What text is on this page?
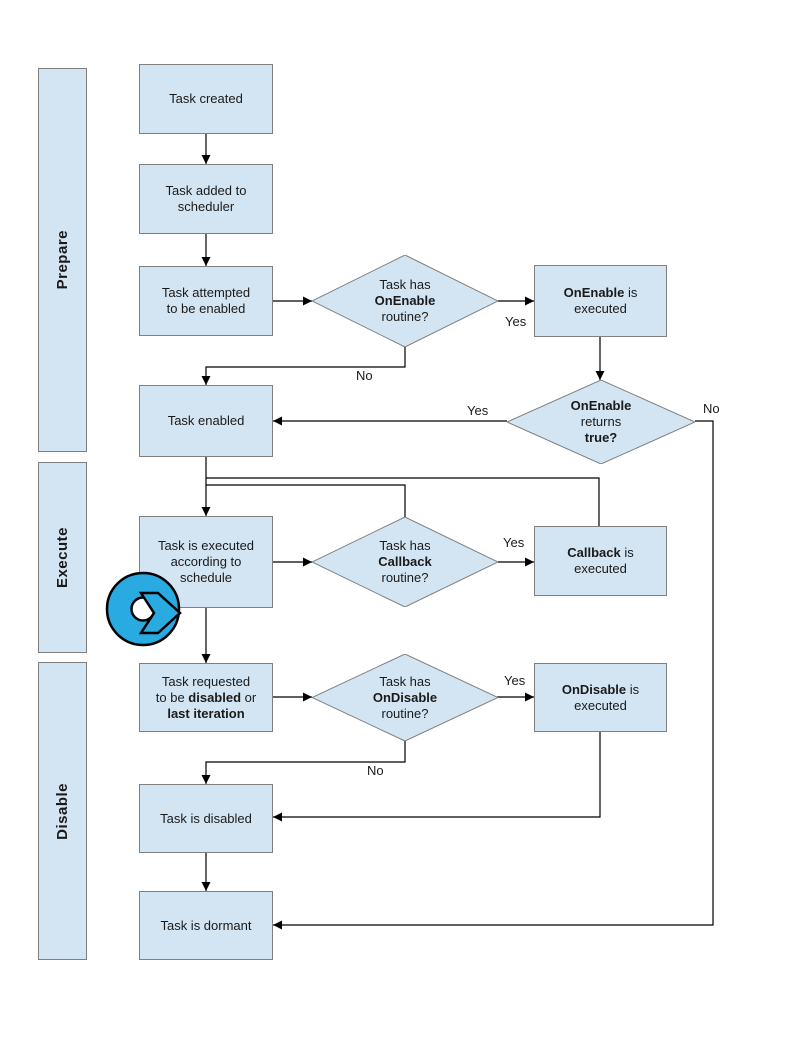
Prepare
Execute
Disable
Task created
Task added to
scheduler
Task attempted
to be enabled
Task enabled
Task is executed
according to
schedule
Task requested
to be disabled or
last iteration
Task is disabled
Task is dormant
OnEnable is
executed
Callback is
executed
OnDisable is
executed
Task has
OnEnable
routine?
OnEnable
returns
true?
Task has
Callback
routine?
Task has
OnDisable
routine?
Yes
No
Yes	No
Yes
Yes
No
